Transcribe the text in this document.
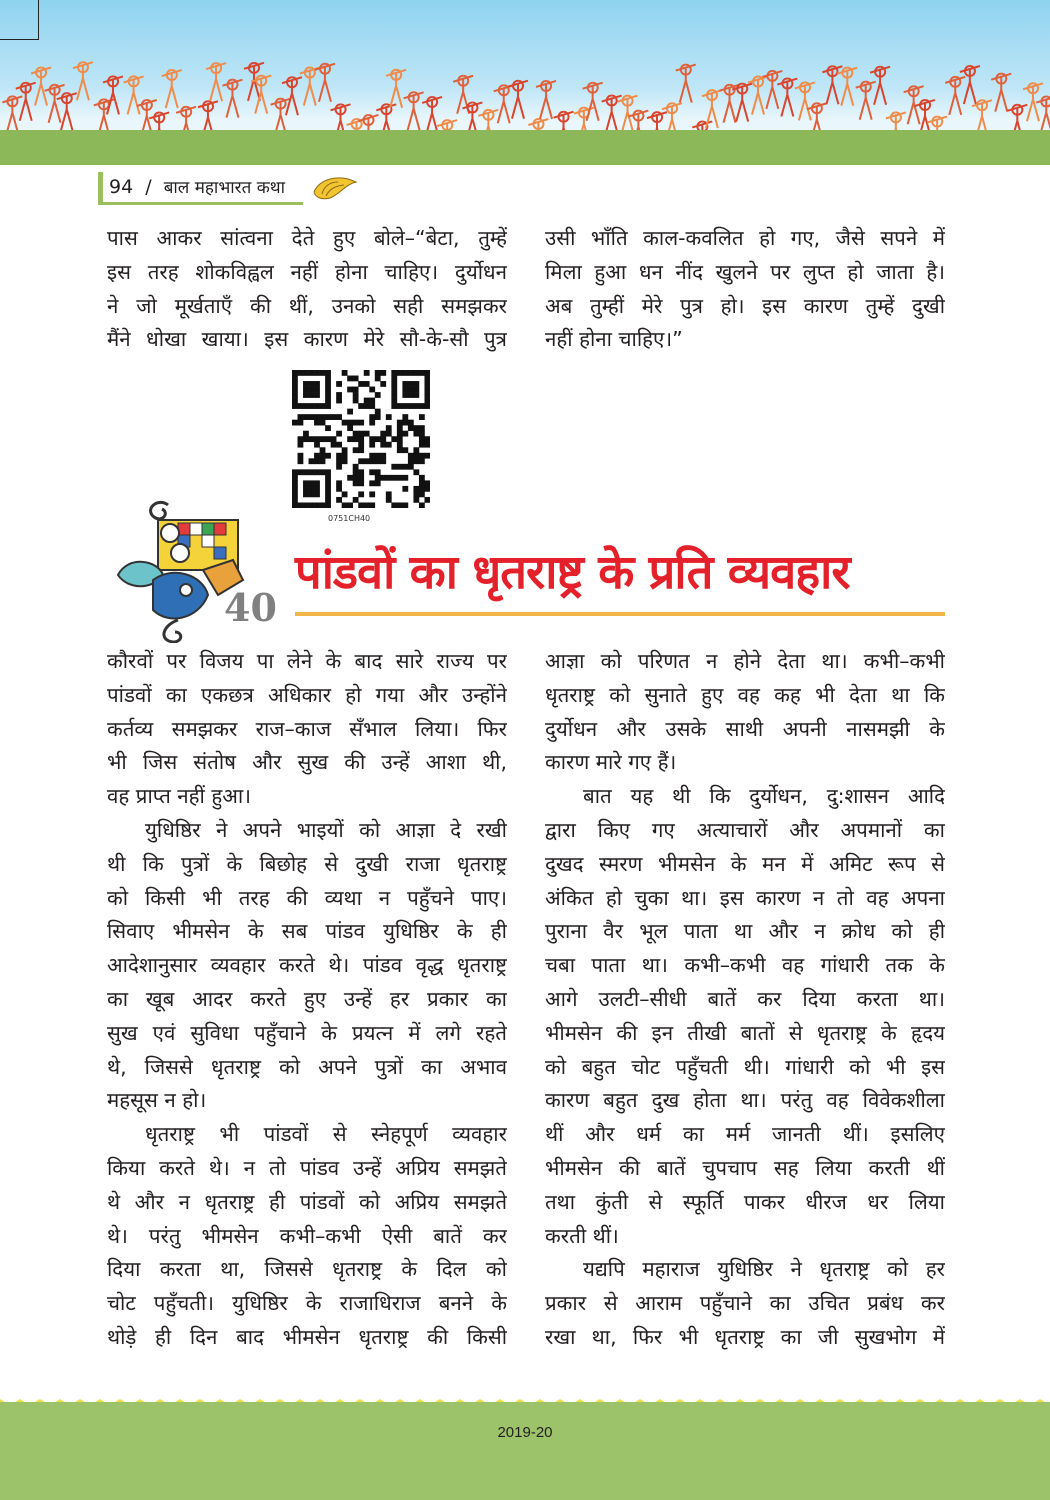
94 / बाल महाभारत कथा
पास आकर सांत्वना देते हुए बोले–“बेटा, तुम्हें
इस तरह शोकविह्वल नहीं होना चाहिए। दुर्योधन
ने जो मूर्खताएँ की थीं, उनको सही समझकर
मैंने धोखा खाया। इस कारण मेरे सौ-के-सौ पुत्र
उसी भाँति काल-कवलित हो गए, जैसे सपने में
मिला हुआ धन नींद खुलने पर लुप्त हो जाता है।
अब तुम्हीं मेरे पुत्र हो। इस कारण तुम्हें दुखी
नहीं होना चाहिए।”
0751CH40
40
पांडवों का धृतराष्ट्र के प्रति व्यवहार
कौरवों पर विजय पा लेने के बाद सारे राज्य पर
पांडवों का एकछत्र अधिकार हो गया और उन्होंने
कर्तव्य समझकर राज–काज सँभाल लिया। फिर
भी जिस संतोष और सुख की उन्हें आशा थी,
वह प्राप्त नहीं हुआ।
युधिष्ठिर ने अपने भाइयों को आज्ञा दे रखी
थी कि पुत्रों के बिछोह से दुखी राजा धृतराष्ट्र
को किसी भी तरह की व्यथा न पहुँचने पाए।
सिवाए भीमसेन के सब पांडव युधिष्ठिर के ही
आदेशानुसार व्यवहार करते थे। पांडव वृद्ध धृतराष्ट्र
का खूब आदर करते हुए उन्हें हर प्रकार का
सुख एवं सुविधा पहुँचाने के प्रयत्न में लगे रहते
थे, जिससे धृतराष्ट्र को अपने पुत्रों का अभाव
महसूस न हो।
धृतराष्ट्र भी पांडवों से स्नेहपूर्ण व्यवहार
किया करते थे। न तो पांडव उन्हें अप्रिय समझते
थे और न धृतराष्ट्र ही पांडवों को अप्रिय समझते
थे। परंतु भीमसेन कभी–कभी ऐसी बातें कर
दिया करता था, जिससे धृतराष्ट्र के दिल को
चोट पहुँचती। युधिष्ठिर के राजाधिराज बनने के
थोड़े ही दिन बाद भीमसेन धृतराष्ट्र की किसी
आज्ञा को परिणत न होने देता था। कभी–कभी
धृतराष्ट्र को सुनाते हुए वह कह भी देता था कि
दुर्योधन और उसके साथी अपनी नासमझी के
कारण मारे गए हैं।
बात यह थी कि दुर्योधन, दु:शासन आदि
द्वारा किए गए अत्याचारों और अपमानों का
दुखद स्मरण भीमसेन के मन में अमिट रूप से
अंकित हो चुका था। इस कारण न तो वह अपना
पुराना वैर भूल पाता था और न क्रोध को ही
चबा पाता था। कभी–कभी वह गांधारी तक के
आगे उलटी–सीधी बातें कर दिया करता था।
भीमसेन की इन तीखी बातों से धृतराष्ट्र के हृदय
को बहुत चोट पहुँचती थी। गांधारी को भी इस
कारण बहुत दुख होता था। परंतु वह विवेकशीला
थीं और धर्म का मर्म जानती थीं। इसलिए
भीमसेन की बातें चुपचाप सह लिया करती थीं
तथा कुंती से स्फूर्ति पाकर धीरज धर लिया
करती थीं।
यद्यपि महाराज युधिष्ठिर ने धृतराष्ट्र को हर
प्रकार से आराम पहुँचाने का उचित प्रबंध कर
रखा था, फिर भी धृतराष्ट्र का जी सुखभोग में
2019-20
